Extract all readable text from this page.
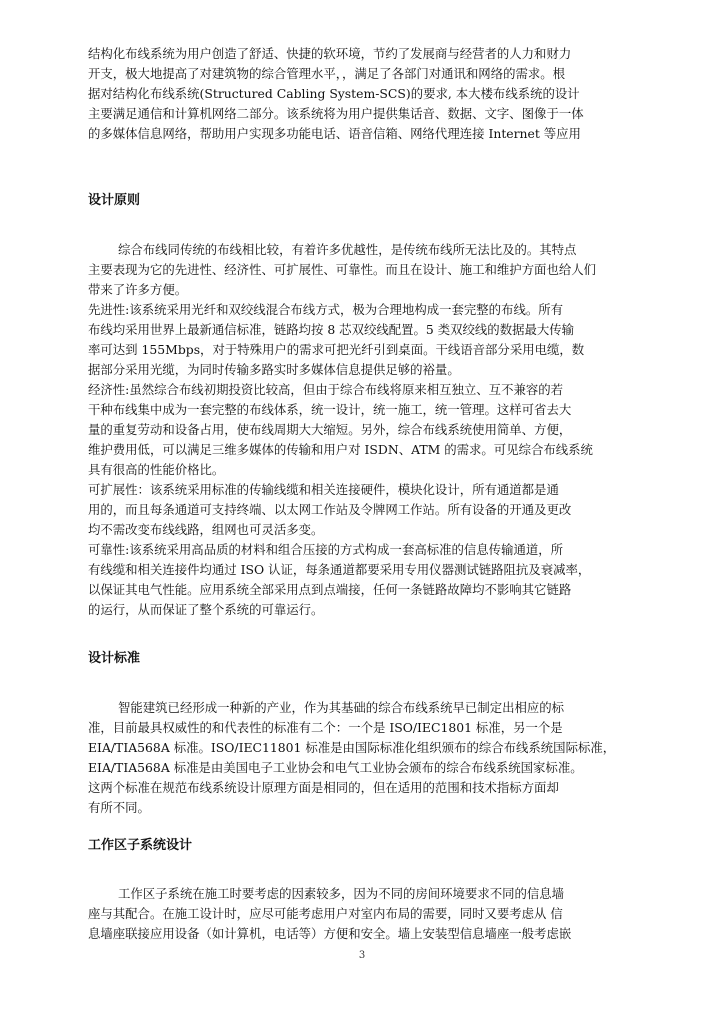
结构化布线系统为用户创造了舒适、快捷的软环境，节约了发展商与经营者的人力和财力
开支，极大地提高了对建筑物的综合管理水平，，满足了各部门对通讯和网络的需求。根
据对结构化布线系统(Structured Cabling System-SCS)的要求, 本大楼布线系统的设计
主要满足通信和计算机网络二部分。该系统将为用户提供集话音、数据、文字、图像于一体
的多媒体信息网络，帮助用户实现多功能电话、语音信箱、网络代理连接 Internet 等应用
设计原则
综合布线同传统的布线相比较，有着许多优越性，是传统布线所无法比及的。其特点
主要表现为它的先进性、经济性、可扩展性、可靠性。而且在设计、施工和维护方面也给人们
带来了许多方便。
先进性:该系统采用光纤和双绞线混合布线方式，极为合理地构成一套完整的布线。所有
布线均采用世界上最新通信标准，链路均按 8 芯双绞线配置。5 类双绞线的数据最大传输
率可达到 155Mbps，对于特殊用户的需求可把光纤引到桌面。干线语音部分采用电缆，数
据部分采用光缆，为同时传输多路实时多媒体信息提供足够的裕量。
经济性:虽然综合布线初期投资比较高，但由于综合布线将原来相互独立、互不兼容的若
干种布线集中成为一套完整的布线体系，统一设计，统一施工，统一管理。这样可省去大
量的重复劳动和设备占用，使布线周期大大缩短。另外，综合布线系统使用简单、方便，
维护费用低，可以满足三维多媒体的传输和用户对 ISDN、ATM 的需求。可见综合布线系统
具有很高的性能价格比。
可扩展性：该系统采用标准的传输线缆和相关连接硬件，模块化设计，所有通道都是通
用的，而且每条通道可支持终端、以太网工作站及令牌网工作站。所有设备的开通及更改
均不需改变布线线路，组网也可灵活多变。
可靠性:该系统采用高品质的材料和组合压接的方式构成一套高标准的信息传输通道，所
有线缆和相关连接件均通过 ISO 认证，每条通道都要采用专用仪器测试链路阻抗及衰减率，
以保证其电气性能。应用系统全部采用点到点端接，任何一条链路故障均不影响其它链路
的运行，从而保证了整个系统的可靠运行。
设计标准
智能建筑已经形成一种新的产业，作为其基础的综合布线系统早已制定出相应的标
准，目前最具权威性的和代表性的标准有二个：一个是 ISO/IEC1801 标准，另一个是
EIA/TIA568A 标准。ISO/IEC11801 标准是由国际标准化组织颁布的综合布线系统国际标准，
EIA/TIA568A 标准是由美国电子工业协会和电气工业协会颁布的综合布线系统国家标准。
这两个标准在规范布线系统设计原理方面是相同的，但在适用的范围和技术指标方面却
有所不同。
工作区子系统设计
工作区子系统在施工时要考虑的因素较多，因为不同的房间环境要求不同的信息墙
座与其配合。在施工设计时，应尽可能考虑用户对室内布局的需要，同时又要考虑从 信
息墙座联接应用设备（如计算机，电话等）方便和安全。墙上安装型信息墙座一般考虑嵌
3
